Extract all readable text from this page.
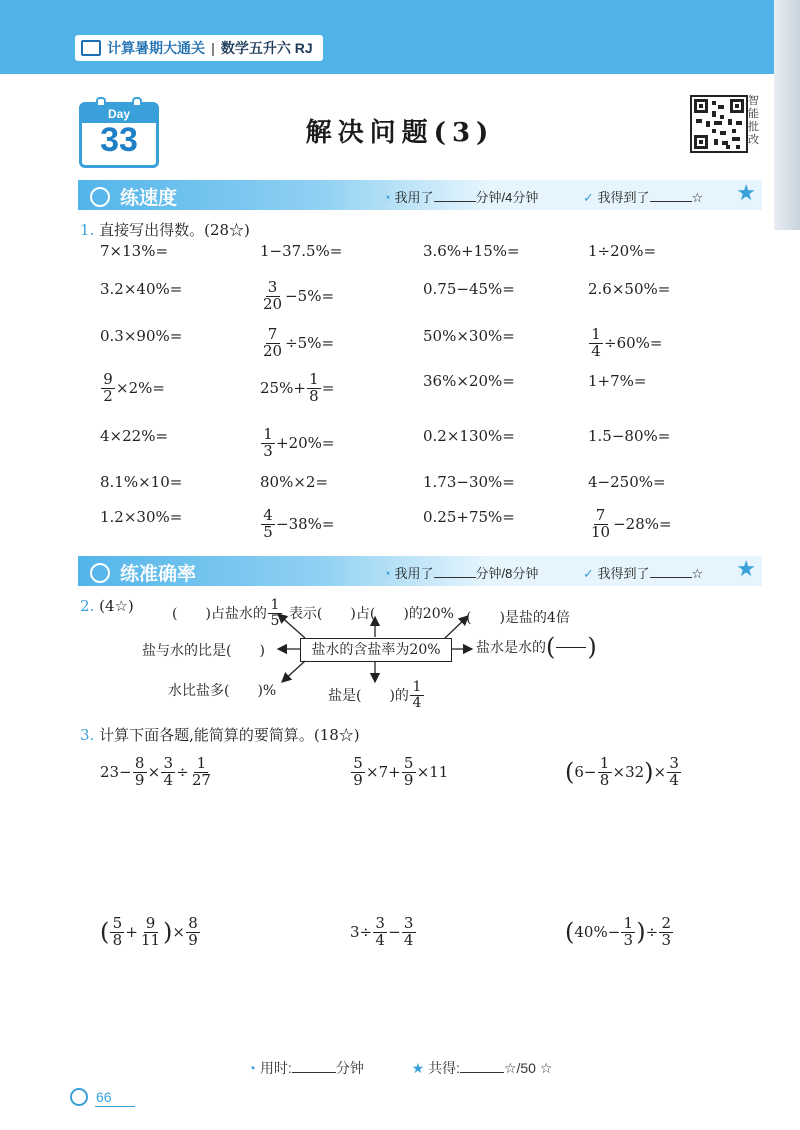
计算暑期大通关 | 数学五升六 RJ
Day
33	解决问题(3)
智能批改
练速度	◔ 我用了	分钟/4分钟	✓ 我得到了	☆ ★
1. 直接写出得数。(28☆)
7×13%=	1−37.5%=	3.6%+15%=	1÷20%=
3.2×40%=	$\frac{3}{20} -5\%=$	0.75−45%=	2.6×50%=
0.3×90%=	$\frac{7}{20} \div 5\%=$	50%×30%=	$\frac{1}{4} \div 60\%=$
$\frac{9}{2} \times 2\%=$	$25\%+ \frac{1}{8}$ =	36%×20%=	1+7%=
4×22%=	$\frac{1}{3} +20\%=$	0.2×130%=	1.5−80%=
8.1%×10=	80%×2=	1.73−30%=	4−250%=
1.2×30%=	$\frac{4}{5} -38\%=$	0.25+75%=	$\frac{7}{10} -28\%=$
练准确率	◔ 我用了	分钟/8分钟	✓ 我得到了	☆ ★
2. (4☆)
盐水的含盐率为20%
(　　)占盐水的 $\frac{1}{5}$ 表示(　　)占(　　)的20% (　　)是盐的4倍
盐与水的比是(　　)	盐水是水的 (

)
水比盐多(　　)%	盐是(　　)的 $\frac{1}{4}$
3. 计算下面各题,能简算的要简算。(18☆)
$23- \frac{8}{9} \times \frac{3}{4} \div \frac{1}{27}$	$\frac{5}{9} \times 7+ \frac{5}{9} \times 11$	( $6- \frac{1}{8} \times 32$ ) × $\frac{3}{4}$
( $\frac{5}{8} + \frac{9}{11}$ ) × $\frac{8}{9}$	$3\div \frac{3}{4} - \frac{3}{4}$	( $40\%- \frac{1}{3}$ ) ÷ $\frac{2}{3}$
◔ 用时:	分钟	★ 共得:	☆/50 ☆
66
